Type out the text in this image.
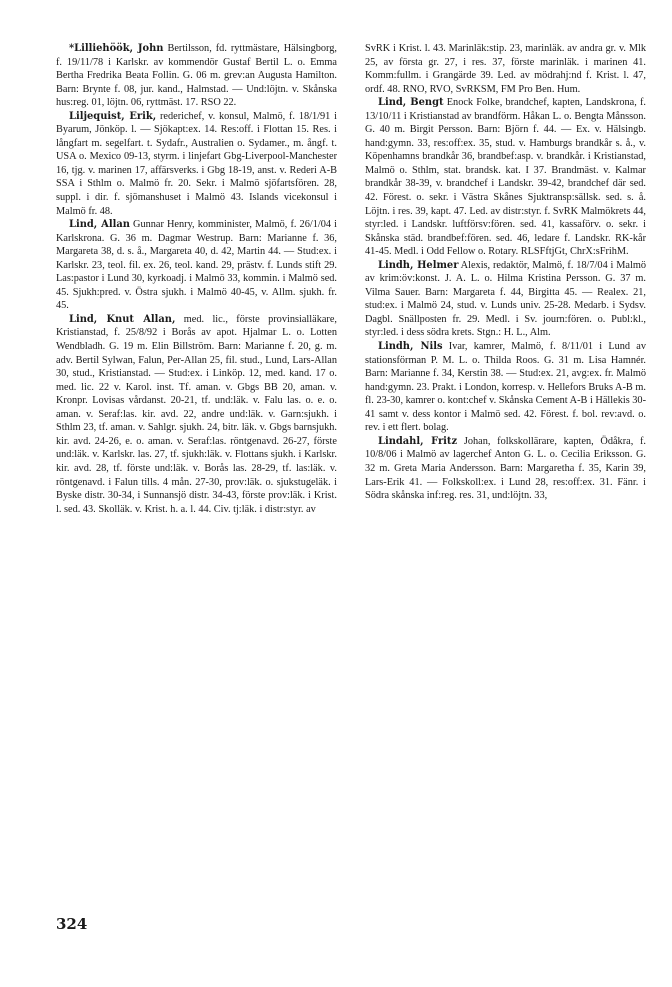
*Lilliehöök, John Bertilsson, fd. ryttmästare, Hälsingborg, f. 19/11/78 i Karlskr. av kommendör Gustaf Bertil L. o. Emma Bertha Fredrika Beata Follin. G. 06 m. grev:an Augusta Hamilton. Barn: Brynte f. 08, jur. kand., Halmstad. — Und:löjtn. v. Skånska hus:reg. 01, löjtn. 06, ryttmäst. 17. RSO 22.

Liljequist, Erik, rederichef, v. konsul, Malmö, f. 18/1/91 i Byarum, Jönköp. l. — Sjökapt:ex. 14. Res:off. i Flottan 15. Res. i långfart m. segelfart. t. Sydafr., Australien o. Sydamer., m. ångf. t. USA o. Mexico 09-13, styrm. i linjefart Gbg-Liverpool-Manchester 16, tjg. v. marinen 17, affärsverks. i Gbg 18-19, anst. v. Rederi A-B SSA i Sthlm o. Malmö fr. 20. Sekr. i Malmö sjöfartsfören. 28, suppl. i dir. f. sjömanshuset i Malmö 43. Islands vicekonsul i Malmö fr. 48.

Lind, Allan Gunnar Henry, komminister, Malmö, f. 26/1/04 i Karlskrona. G. 36 m. Dagmar Westrup. Barn: Marianne f. 36, Margareta 38, d. s. å., Margareta 40, d. 42, Martin 44. — Stud:ex. i Karlskr. 23, teol. fil. ex. 26, teol. kand. 29, prästv. f. Lunds stift 29. Las:pastor i Lund 30, kyrkoadj. i Malmö 33, kommin. i Malmö sed. 45. Sjukh:pred. v. Östra sjukh. i Malmö 40-45, v. Allm. sjukh. fr. 45.

Lind, Knut Allan, med. lic., förste provinsialläkare, Kristianstad, f. 25/8/92 i Borås av apot. Hjalmar L. o. Lotten Wendbladh. G. 19 m. Elin Billström. Barn: Marianne f. 20, g. m. adv. Bertil Sylwan, Falun, Per-Allan 25, fil. stud., Lund, Lars-Allan 30, stud., Kristianstad. — Stud:ex. i Linköp. 12, med. kand. 17 o. med. lic. 22 v. Karol. inst. Tf. aman. v. Gbgs BB 20, aman. v. Kronpr. Lovisas vårdanst. 20-21, tf. und:läk. v. Falu las. o. e. o. aman. v. Seraf:las. kir. avd. 22, andre und:läk. v. Garn:sjukh. i Sthlm 23, tf. aman. v. Sahlgr. sjukh. 24, bitr. läk. v. Gbgs barnsjukh. kir. avd. 24-26, e. o. aman. v. Seraf:las. röntgenavd. 26-27, förste und:läk. v. Karlskr. las. 27, tf. sjukh:läk. v. Flottans sjukh. i Karlskr. kir. avd. 28, tf. förste und:läk. v. Borås las. 28-29, tf. las:läk. v. röntgenavd. i Falun tills. 4 mån. 27-30, prov:läk. o. sjukstugeläk. i Byske distr. 30-34, i Sunnansjö distr. 34-43, förste prov:läk. i Krist. l. sed. 43. Skolläk. v. Krist. h. a. l. 44. Civ. tj:läk. i distr:styr. av

SvRK i Krist. l. 43. Marinläk:stip. 23, marinläk. av andra gr. v. Mlk 25, av första gr. 27, i res. 37, förste marinläk. i marinen 41. Komm:fullm. i Grangärde 39. Led. av mödrahj:nd f. Krist. l. 47, ordf. 48. RNO, RVO, SvRKSM, FM Pro Ben. Hum.

Lind, Bengt Enock Folke, brandchef, kapten, Landskrona, f. 13/10/11 i Kristianstad av brandförm. Håkan L. o. Bengta Månsson. G. 40 m. Birgit Persson. Barn: Björn f. 44. — Ex. v. Hälsingb. hand:gymn. 33, res:off:ex. 35, stud. v. Hamburgs brandkår s. å., v. Köpenhamns brandkår 36, brandbef:asp. v. brandkår. i Kristianstad, Malmö o. Sthlm, stat. brandsk. kat. I 37. Brandmäst. v. Kalmar brandkår 38-39, v. brandchef i Landskr. 39-42, brandchef där sed. 42. Förest. o. sekr. i Västra Skånes Sjuktransp:sällsk. sed. s. å. Löjtn. i res. 39, kapt. 47. Led. av distr:styr. f. SvRK Malmökrets 44, styr:led. i Landskr. luftförsv:fören. sed. 41, kassaförv. o. sekr. i Skånska städ. brandbef:fören. sed. 46, ledare f. Landskr. RK-kår 41-45. Medl. i Odd Fellow o. Rotary. RLSFftjGt, ChrX:sFrihM.

Lindh, Helmer Alexis, redaktör, Malmö, f. 18/7/04 i Malmö av krim:öv:konst. J. A. L. o. Hilma Kristina Persson. G. 37 m. Vilma Sauer. Barn: Margareta f. 44, Birgitta 45. — Realex. 21, stud:ex. i Malmö 24, stud. v. Lunds univ. 25-28. Medarb. i Sydsv. Dagbl. Snällposten fr. 29. Medl. i Sv. journ:fören. o. Publ:kl., styr:led. i dess södra krets. Stgn.: H. L., Alm.

Lindh, Nils Ivar, kamrer, Malmö, f. 8/11/01 i Lund av stationsförman P. M. L. o. Thilda Roos. G. 31 m. Lisa Hamnér. Barn: Marianne f. 34, Kerstin 38. — Stud:ex. 21, avg:ex. fr. Malmö hand:gymn. 23. Prakt. i London, korresp. v. Hellefors Bruks A-B m. fl. 23-30, kamrer o. kont:chef v. Skånska Cement A-B i Hällekis 30-41 samt v. dess kontor i Malmö sed. 42. Förest. f. bol. rev:avd. o. rev. i ett flert. bolag.

Lindahl, Fritz Johan, folkskollärare, kapten, Ödåkra, f. 10/8/06 i Malmö av lagerchef Anton G. L. o. Cecilia Eriksson. G. 32 m. Greta Maria Andersson. Barn: Margaretha f. 35, Karin 39, Lars-Erik 41. — Folkskoll:ex. i Lund 28, res:off:ex. 31. Fänr. i Södra skånska inf:reg. res. 31, und:löjtn. 33,

324
